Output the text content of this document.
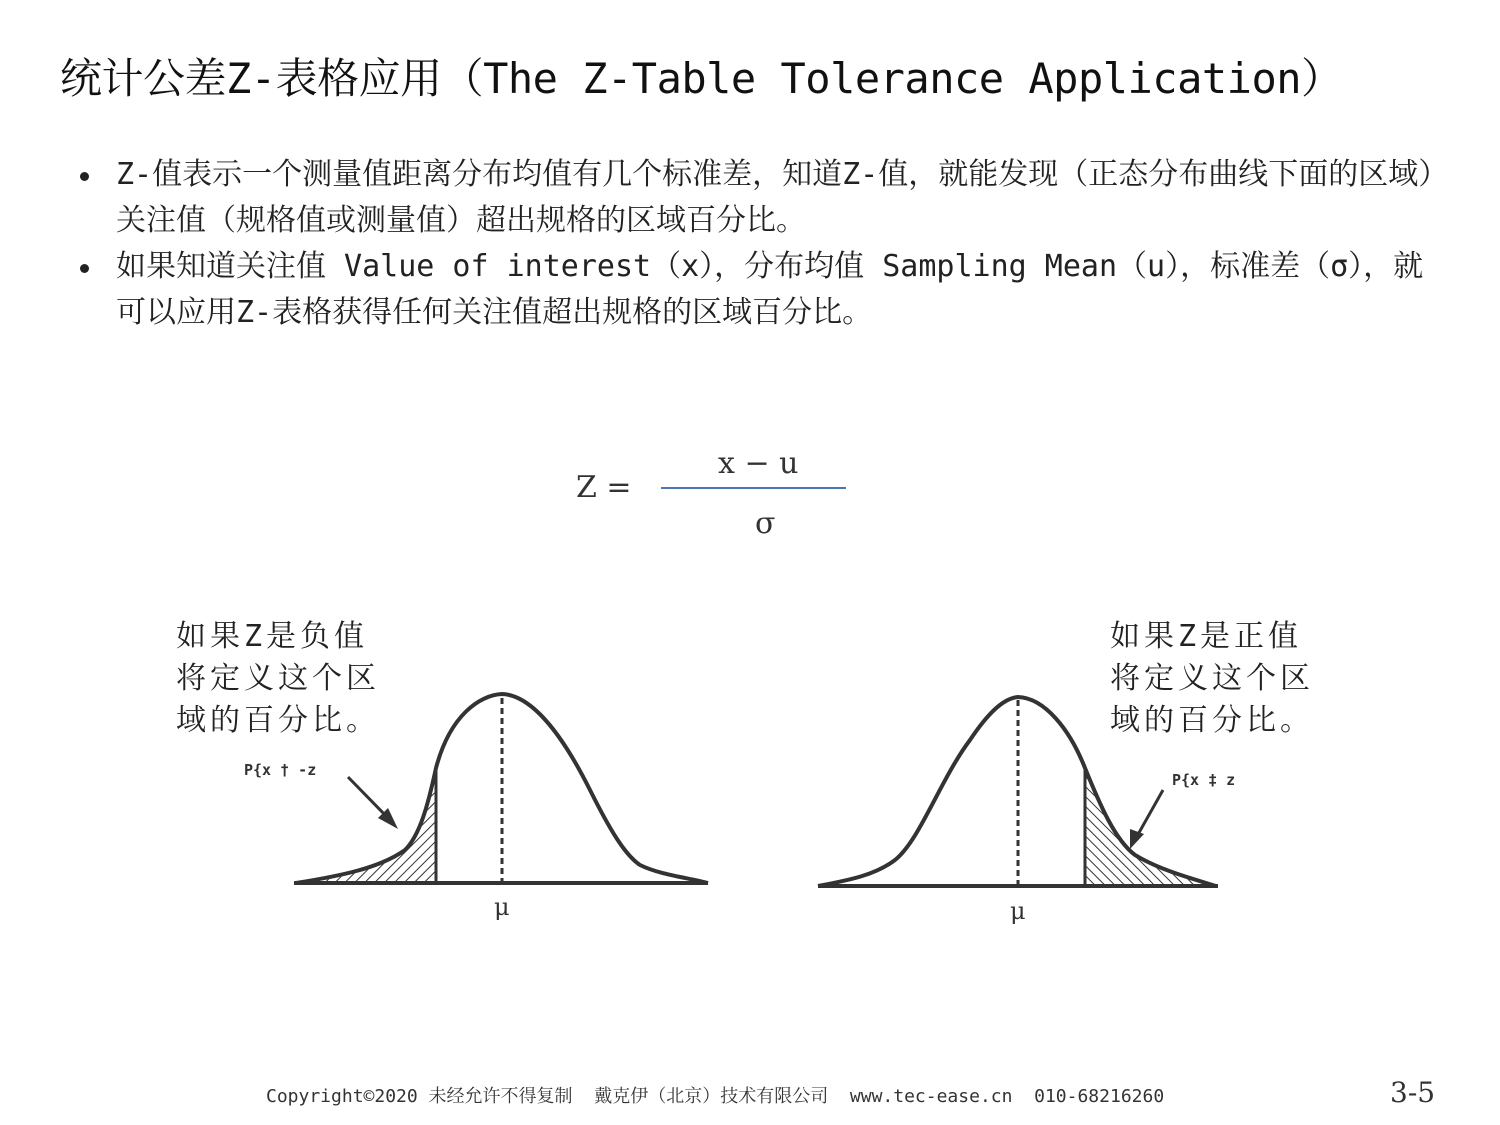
统计公差Z-表格应用（The Z-Table Tolerance Application）
Z-值表示一个测量值距离分布均值有几个标准差，知道Z-值，就能发现（正态分布曲线下面的区域）关注值（规格值或测量值）超出规格的区域百分比。
如果知道关注值 Value of interest（x），分布均值 Sampling Mean（u），标准差（σ），就可以应用Z-表格获得任何关注值超出规格的区域百分比。
Z =
x − u
σ
如果Z是负值
将定义这个区
域的百分比。
如果Z是正值
将定义这个区
域的百分比。
P{x † -z
μ
P{x ‡ z
μ
Copyright©2020 未经允许不得复制  戴克伊（北京）技术有限公司  www.tec-ease.cn  010-68216260	3-5
